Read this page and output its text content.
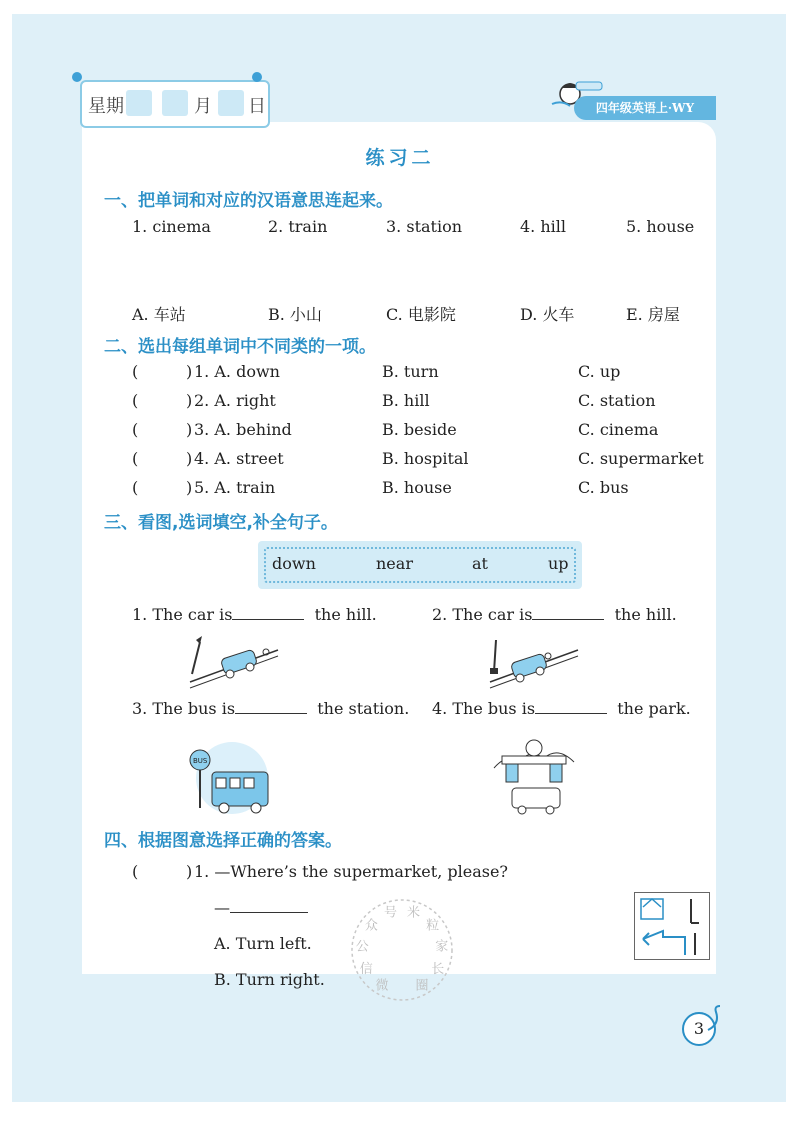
星期	月 日	四年级英语上·WY
练习二
一、把单词和对应的汉语意思连起来。
1. cinema	2. train	3. station	4. hill	5. house
A. 车站	B. 小山	C. 电影院	D. 火车	E. 房屋
二、选出每组单词中不同类的一项。
(	) 1. A. down	B. turn	C. up
(	) 2. A. right	B. hill	C. station
(	) 3. A. behind	B. beside	C. cinema
(	) 4. A. street	B. hospital	C. supermarket
(	) 5. A. train	B. house	C. bus
三、看图,选词填空,补全句子。
down	near	at	up
1. The car is	the hill.	2. The car is	the hill.
3. The bus is	the station. 4. The bus is	the park.
BUS
四、根据图意选择正确的答案。
(	) 1. —Where’s the supermarket, please?
—
A. Turn left.
B. Turn right.	微
信
公
众
号 米
粒
家
长
圈
3
